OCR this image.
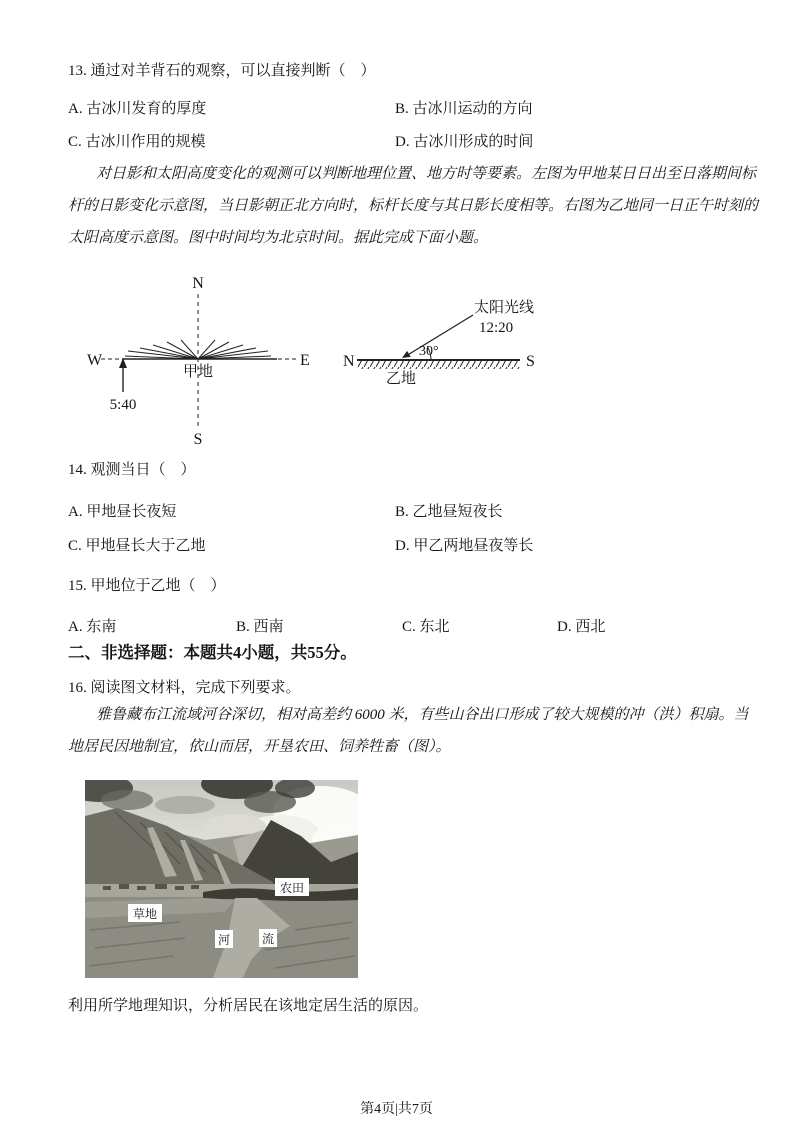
13. 通过对羊背石的观察，可以直接判断（　）
A. 古冰川发育的厚度	B. 古冰川运动的方向
C. 古冰川作用的规模	D. 古冰川形成的时间
对日影和太阳高度变化的观测可以判断地理位置、地方时等要素。左图为甲地某日日出至日落期间标
杆的日影变化示意图，当日影朝正北方向时，标杆长度与其日影长度相等。右图为乙地同一日正午时刻的
太阳高度示意图。图中时间均为北京时间。据此完成下面小题。
N
S
W	E
甲地
5:40
N	S
30°
太阳光线
12:20
乙地
14. 观测当日（　）
A. 甲地昼长夜短	B. 乙地昼短夜长
C. 甲地昼长大于乙地	D. 甲乙两地昼夜等长
15. 甲地位于乙地（　）
A. 东南	B. 西南	C. 东北	D. 西北
二、非选择题：本题共4小题，共55分。
16. 阅读图文材料，完成下列要求。
雅鲁藏布江流域河谷深切，相对高差约 6000 米，有些山谷出口形成了较大规模的冲（洪）积扇。当
地居民因地制宜，依山而居，开垦农田、饲养牲畜（图）。
农田
草地
河	流
利用所学地理知识，分析居民在该地定居生活的原因。
第4页|共7页
